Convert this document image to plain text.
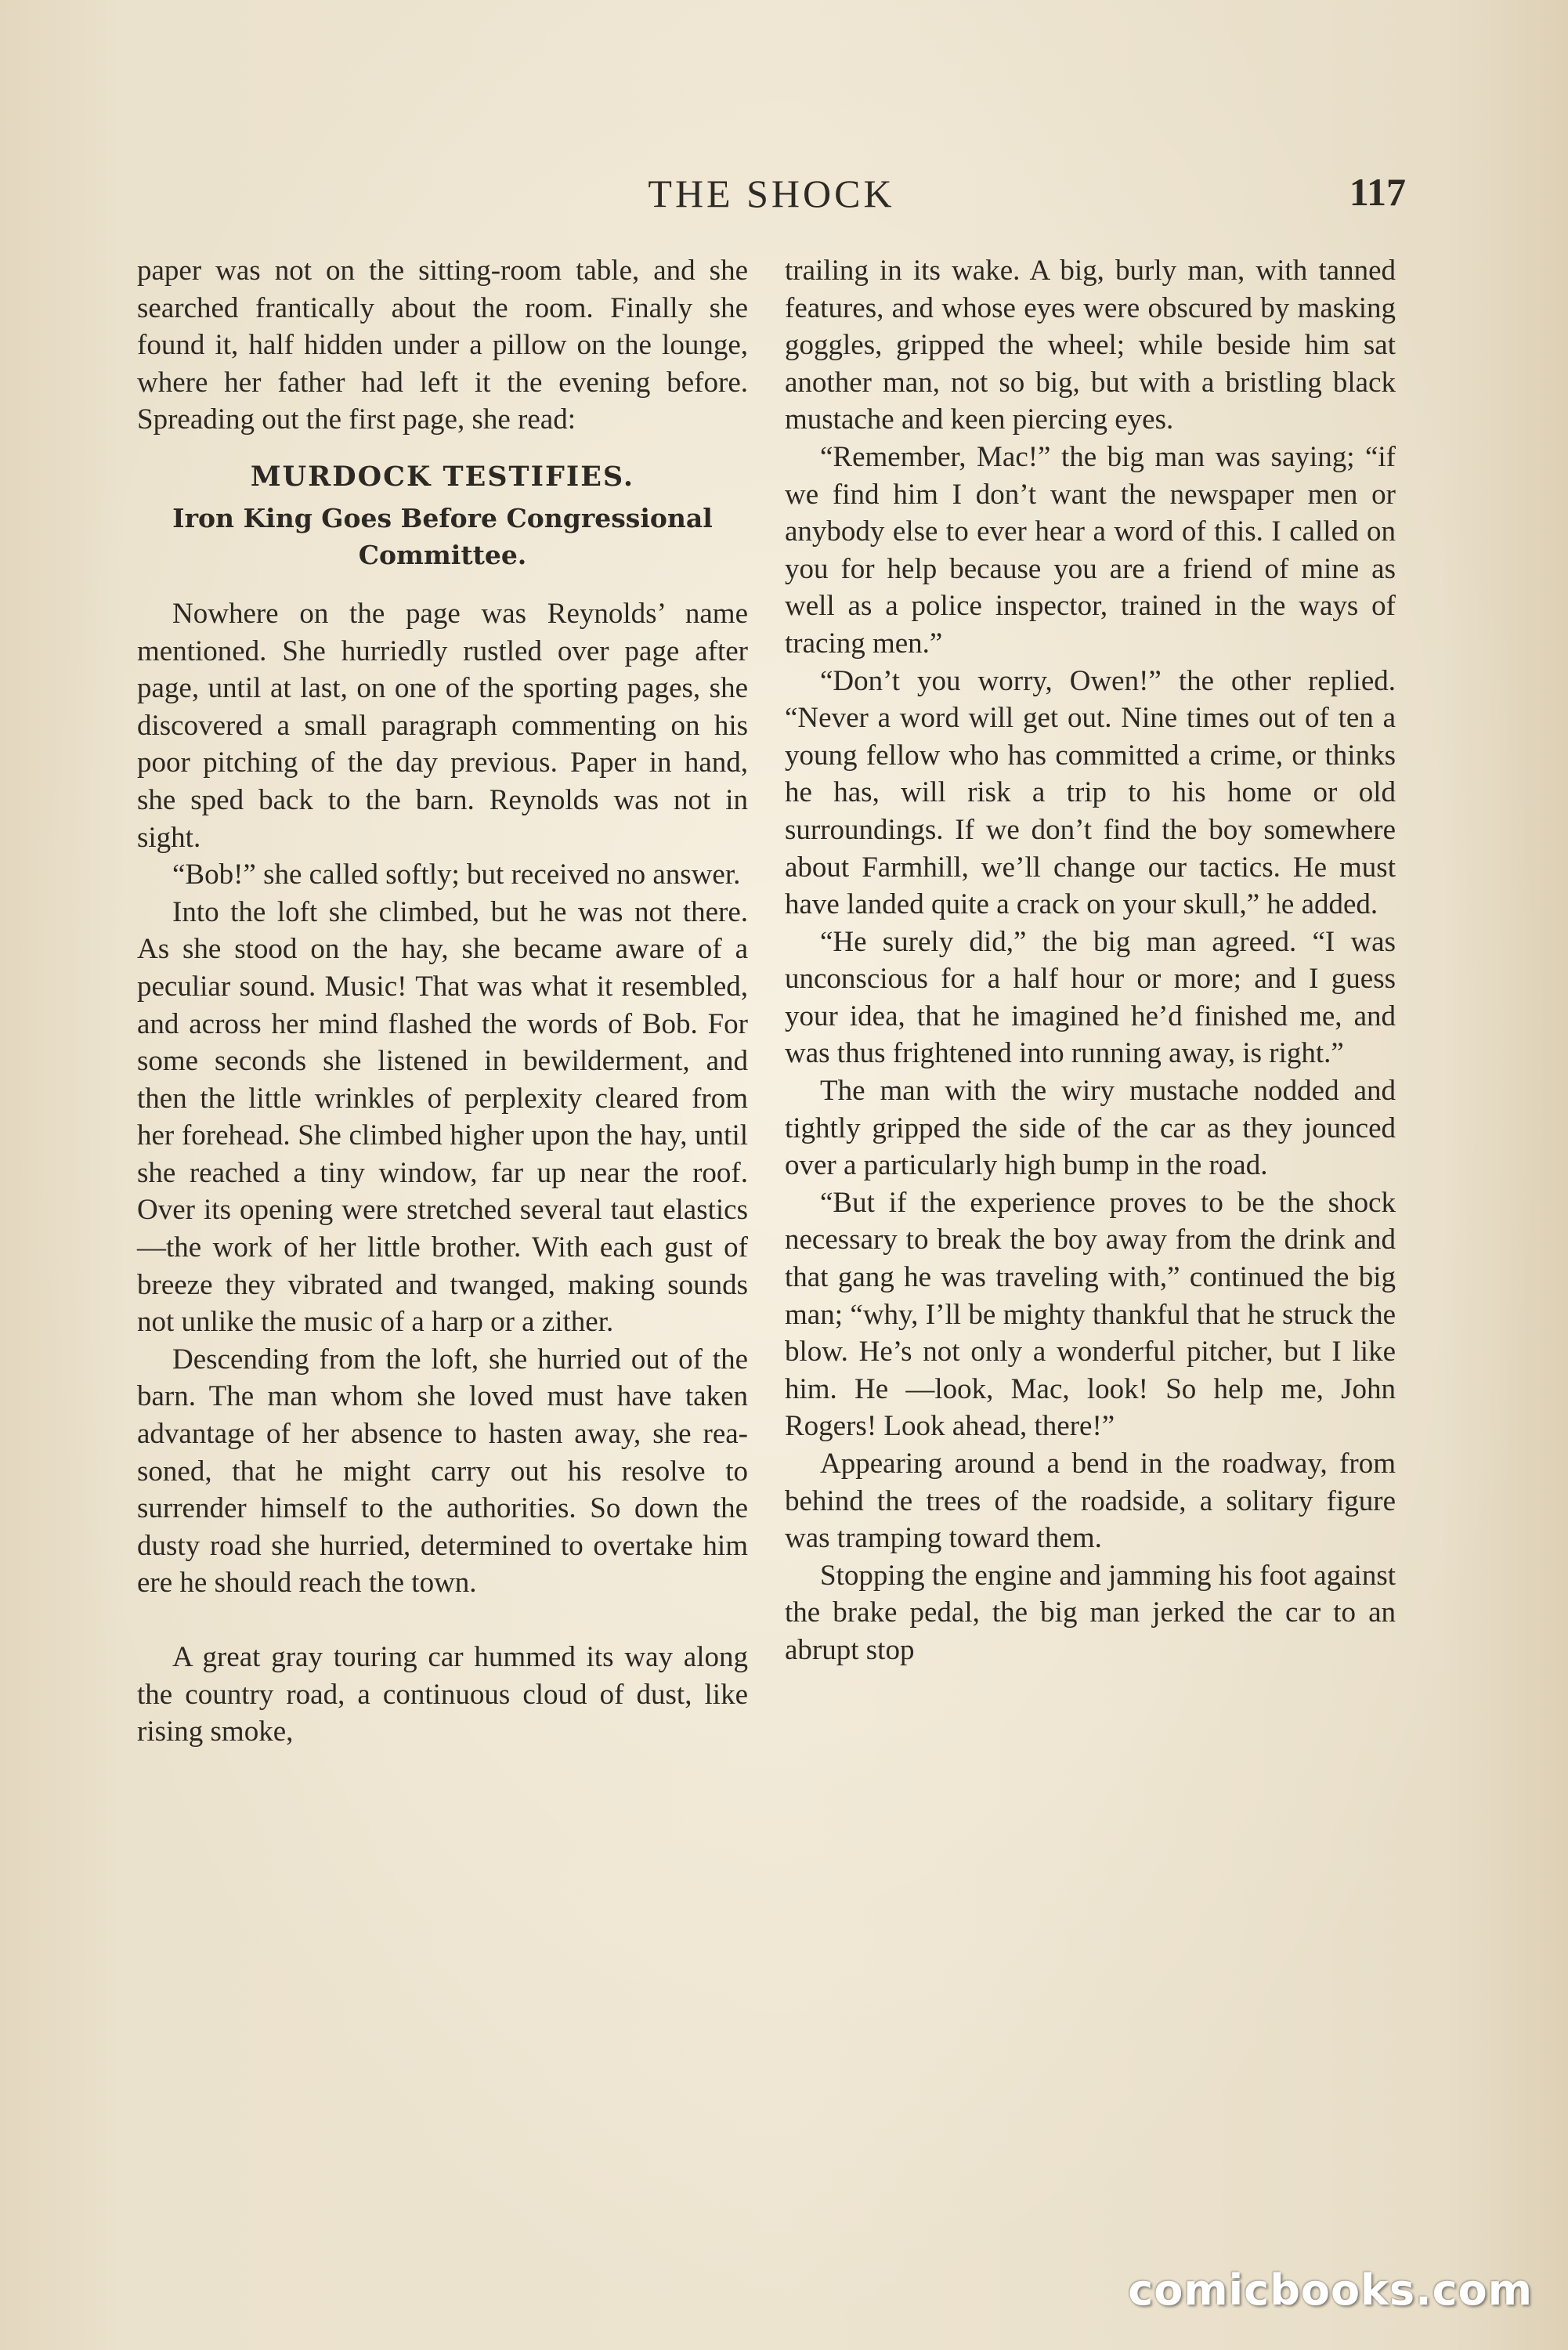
THE SHOCK	117

paper was not on the sitting-room table, and she searched frantically about the room. Finally she found it, half hidden under a pillow on the lounge, where her father had left it the evening before. Spreading out the first page, she read:

MURDOCK TESTIFIES.
Iron King Goes Before Congressional Committee.

Nowhere on the page was Reynolds’ name mentioned. She hurriedly rustled over page after page, until at last, on one of the sporting pages, she discovered a small paragraph commenting on his poor pitching of the day previous. Paper in hand, she sped back to the barn. Reynolds was not in sight.

“Bob!” she called softly; but received no answer.

Into the loft she climbed, but he was not there. As she stood on the hay, she became aware of a peculiar sound. Music! That was what it resembled, and across her mind flashed the words of Bob. For some seconds she listened in bewilderment, and then the little wrinkles of perplexity cleared from her forehead. She climbed higher upon the hay, until she reached a tiny window, far up near the roof. Over its opening were stretched several taut elastics—the work of her little brother. With each gust of breeze they vibrated and twanged, making sounds not unlike the music of a harp or a zither.

Descending from the loft, she hurried out of the barn. The man whom she loved must have taken advantage of her absence to hasten away, she reasoned, that he might carry out his resolve to surrender himself to the authorities. So down the dusty road she hurried, determined to overtake him ere he should reach the town.

A great gray touring car hummed its way along the country road, a continuous cloud of dust, like rising smoke,

trailing in its wake. A big, burly man, with tanned features, and whose eyes were obscured by masking goggles, gripped the wheel; while beside him sat another man, not so big, but with a bristling black mustache and keen piercing eyes.

“Remember, Mac!” the big man was saying; “if we find him I don’t want the newspaper men or anybody else to ever hear a word of this. I called on you for help because you are a friend of mine as well as a police inspector, trained in the ways of tracing men.”

“Don’t you worry, Owen!” the other replied. “Never a word will get out. Nine times out of ten a young fellow who has committed a crime, or thinks he has, will risk a trip to his home or old surroundings. If we don’t find the boy somewhere about Farmhill, we’ll change our tactics. He must have landed quite a crack on your skull,” he added.

“He surely did,” the big man agreed. “I was unconscious for a half hour or more; and I guess your idea, that he imagined he’d finished me, and was thus frightened into running away, is right.”

The man with the wiry mustache nodded and tightly gripped the side of the car as they jounced over a particularly high bump in the road.

“But if the experience proves to be the shock necessary to break the boy away from the drink and that gang he was traveling with,” continued the big man; “why, I’ll be mighty thankful that he struck the blow. He’s not only a wonderful pitcher, but I like him. He —look, Mac, look! So help me, John Rogers! Look ahead, there!”

Appearing around a bend in the roadway, from behind the trees of the roadside, a solitary figure was tramping toward them.

Stopping the engine and jamming his foot against the brake pedal, the big man jerked the car to an abrupt stop

comicbooks.com
